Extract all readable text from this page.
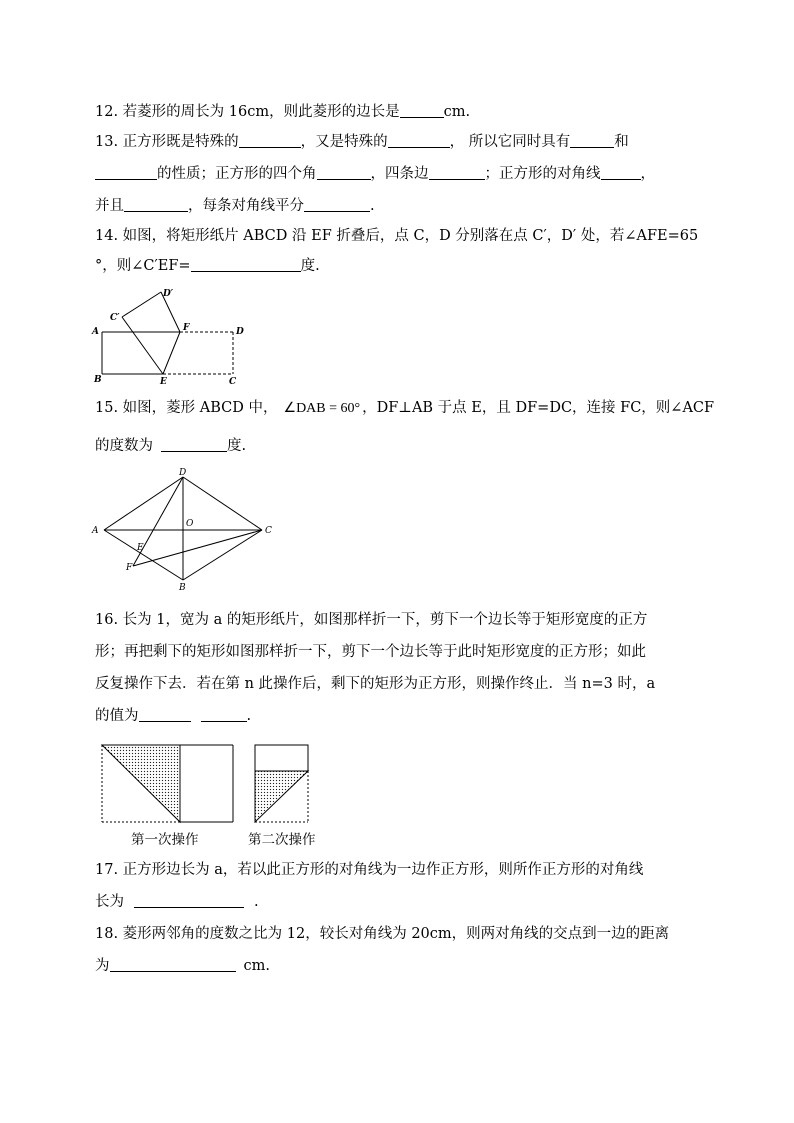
12. 若菱形的周长为 16cm，则此菱形的边长是	cm.
13. 正方形既是特殊的	，又是特殊的	， 所以它同时具有	和
的性质；正方形的四个角	，四条边	；正方形的对角线	，
并且	，每条对角线平分	.
14. 如图，将矩形纸片 ABCD 沿 EF 折叠后，点 C，D 分别落在点 C′，D′ 处，若∠AFE=65
°，则∠C′EF=	度.
A
B	C
D
E
F
C′
D′
15. 如图，菱形 ABCD 中， ∠DAB = 60° ，DF⊥AB 于点 E，且 DF=DC，连接 FC，则∠ACF
的度数为	度.
A
B
C
D
E
F
O
16. 长为 1，宽为 a 的矩形纸片，如图那样折一下，剪下一个边长等于矩形宽度的正方
形；再把剩下的矩形如图那样折一下，剪下一个边长等于此时矩形宽度的正方形；如此
反复操作下去．若在第 n 此操作后，剩下的矩形为正方形，则操作终止．当 n=3 时，a
的值为	.
第一次操作	第二次操作
17. 正方形边长为 a，若以此正方形的对角线为一边作正方形，则所作正方形的对角线
长为	.
18. 菱形两邻角的度数之比为 12，较长对角线为 20cm，则两对角线的交点到一边的距离
为	cm.
